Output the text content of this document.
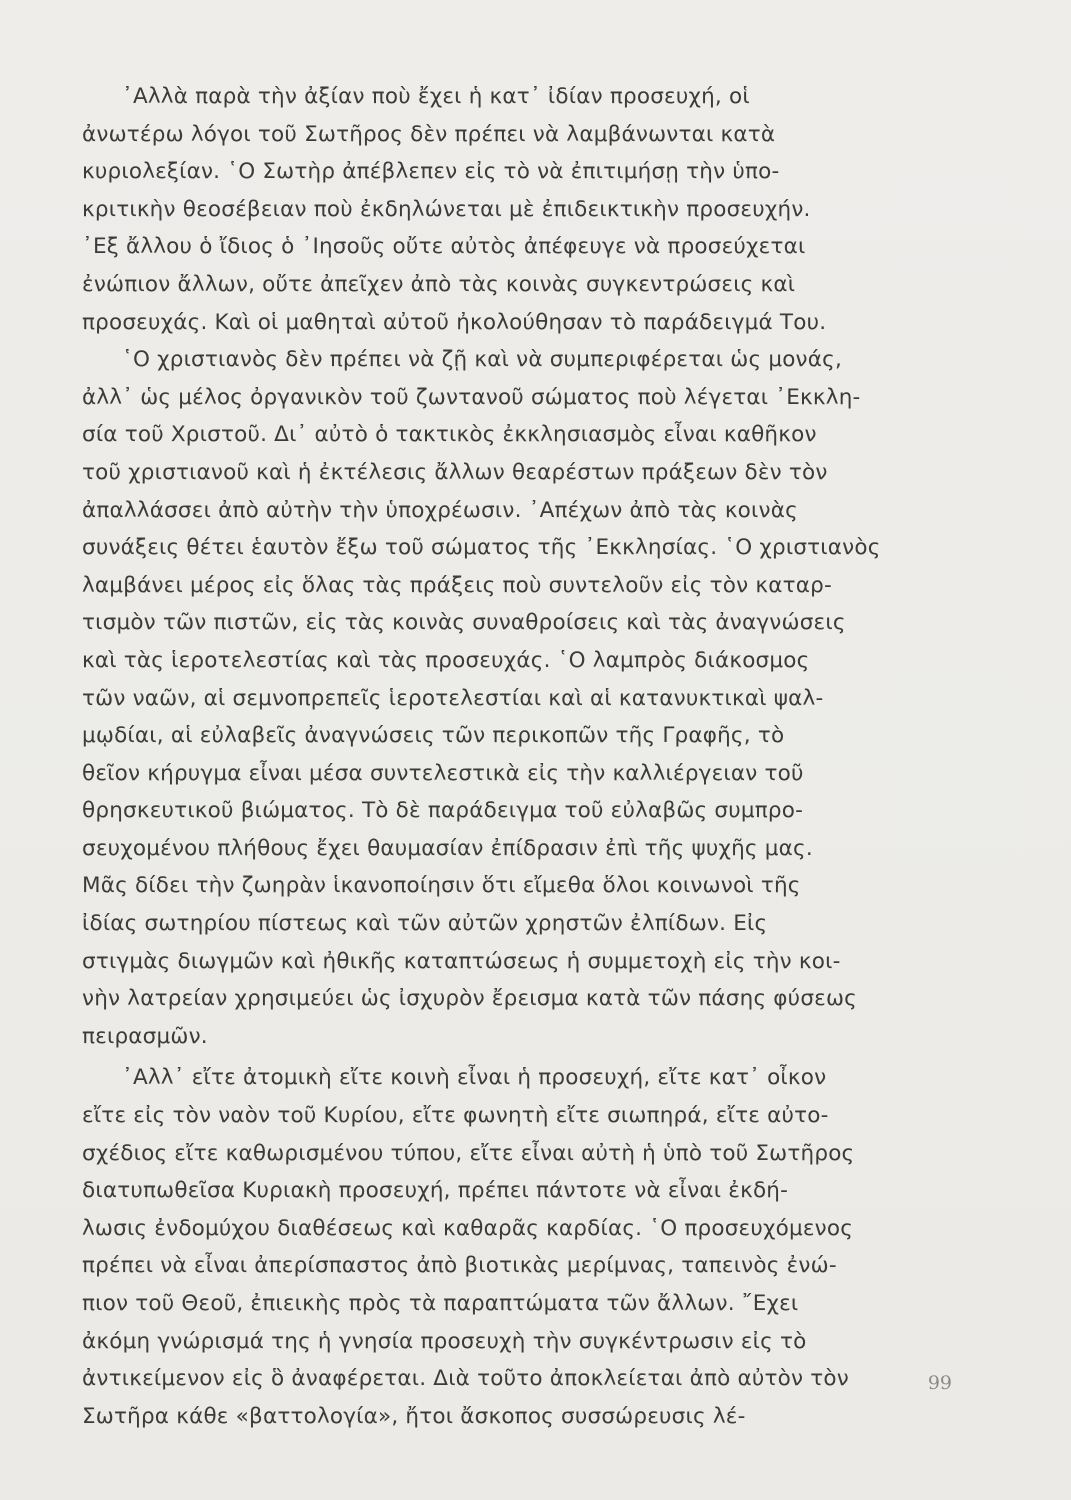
᾿Αλλὰ παρὰ τὴν ἀξίαν ποὺ ἔχει ἡ κατ᾿ ἰδίαν προσευχή, οἱ
ἀνωτέρω λόγοι τοῦ Σωτῆρος δὲν πρέπει νὰ λαμβάνωνται κατὰ
κυριολεξίαν. ῾Ο Σωτὴρ ἀπέβλεπεν εἰς τὸ νὰ ἐπιτιμήσῃ τὴν ὑπο-
κριτικὴν θεοσέβειαν ποὺ ἐκδηλώνεται μὲ ἐπιδεικτικὴν προσευχήν.
᾿Εξ ἄλλου ὁ ἴδιος ὁ ᾿Ιησοῦς οὔτε αὐτὸς ἀπέφευγε νὰ προσεύχεται
ἐνώπιον ἄλλων, οὔτε ἀπεῖχεν ἀπὸ τὰς κοινὰς συγκεντρώσεις καὶ
προσευχάς. Καὶ οἱ μαθηταὶ αὐτοῦ ἠκολούθησαν τὸ παράδειγμά Του.
῾Ο χριστιανὸς δὲν πρέπει νὰ ζῇ καὶ νὰ συμπεριφέρεται ὡς μονάς,
ἀλλ᾿ ὡς μέλος ὀργανικὸν τοῦ ζωντανοῦ σώματος ποὺ λέγεται ᾿Εκκλη-
σία τοῦ Χριστοῦ. Δι᾿ αὐτὸ ὁ τακτικὸς ἐκκλησιασμὸς εἶναι καθῆκον
τοῦ χριστιανοῦ καὶ ἡ ἐκτέλεσις ἄλλων θεαρέστων πράξεων δὲν τὸν
ἀπαλλάσσει ἀπὸ αὐτὴν τὴν ὑποχρέωσιν. ᾿Απέχων ἀπὸ τὰς κοινὰς
συνάξεις θέτει ἑαυτὸν ἔξω τοῦ σώματος τῆς ᾿Εκκλησίας. ῾Ο χριστιανὸς
λαμβάνει μέρος εἰς ὅλας τὰς πράξεις ποὺ συντελοῦν εἰς τὸν καταρ-
τισμὸν τῶν πιστῶν, εἰς τὰς κοινὰς συναθροίσεις καὶ τὰς ἀναγνώσεις
καὶ τὰς ἱεροτελεστίας καὶ τὰς προσευχάς. ῾Ο λαμπρὸς διάκοσμος
τῶν ναῶν, αἱ σεμνοπρεπεῖς ἱεροτελεστίαι καὶ αἱ κατανυκτικαὶ ψαλ-
μῳδίαι, αἱ εὐλαβεῖς ἀναγνώσεις τῶν περικοπῶν τῆς Γραφῆς, τὸ
θεῖον κήρυγμα εἶναι μέσα συντελεστικὰ εἰς τὴν καλλιέργειαν τοῦ
θρησκευτικοῦ βιώματος. Τὸ δὲ παράδειγμα τοῦ εὐλαβῶς συμπρο-
σευχομένου πλήθους ἔχει θαυμασίαν ἐπίδρασιν ἐπὶ τῆς ψυχῆς μας.
Μᾶς δίδει τὴν ζωηρὰν ἱκανοποίησιν ὅτι εἴμεθα ὅλοι κοινωνοὶ τῆς
ἰδίας σωτηρίου πίστεως καὶ τῶν αὐτῶν χρηστῶν ἐλπίδων. Εἰς
στιγμὰς διωγμῶν καὶ ἠθικῆς καταπτώσεως ἡ συμμετοχὴ εἰς τὴν κοι-
νὴν λατρείαν χρησιμεύει ὡς ἰσχυρὸν ἔρεισμα κατὰ τῶν πάσης φύσεως
πειρασμῶν.
᾿Αλλ᾿ εἴτε ἀτομικὴ εἴτε κοινὴ εἶναι ἡ προσευχή, εἴτε κατ᾿ οἶκον
εἴτε εἰς τὸν ναὸν τοῦ Κυρίου, εἴτε φωνητὴ εἴτε σιωπηρά, εἴτε αὐτο-
σχέδιος εἴτε καθωρισμένου τύπου, εἴτε εἶναι αὐτὴ ἡ ὑπὸ τοῦ Σωτῆρος
διατυπωθεῖσα Κυριακὴ προσευχή, πρέπει πάντοτε νὰ εἶναι ἐκδή-
λωσις ἐνδομύχου διαθέσεως καὶ καθαρᾶς καρδίας. ῾Ο προσευχόμενος
πρέπει νὰ εἶναι ἀπερίσπαστος ἀπὸ βιοτικὰς μερίμνας, ταπεινὸς ἐνώ-
πιον τοῦ Θεοῦ, ἐπιεικὴς πρὸς τὰ παραπτώματα τῶν ἄλλων. ῎Εχει
ἀκόμη γνώρισμά της ἡ γνησία προσευχὴ τὴν συγκέντρωσιν εἰς τὸ
ἀντικείμενον εἰς ὃ ἀναφέρεται. Διὰ τοῦτο ἀποκλείεται ἀπὸ αὐτὸν τὸν
Σωτῆρα κάθε «βαττολογία», ἤτοι ἄσκοπος συσσώρευσις λέ-
99
